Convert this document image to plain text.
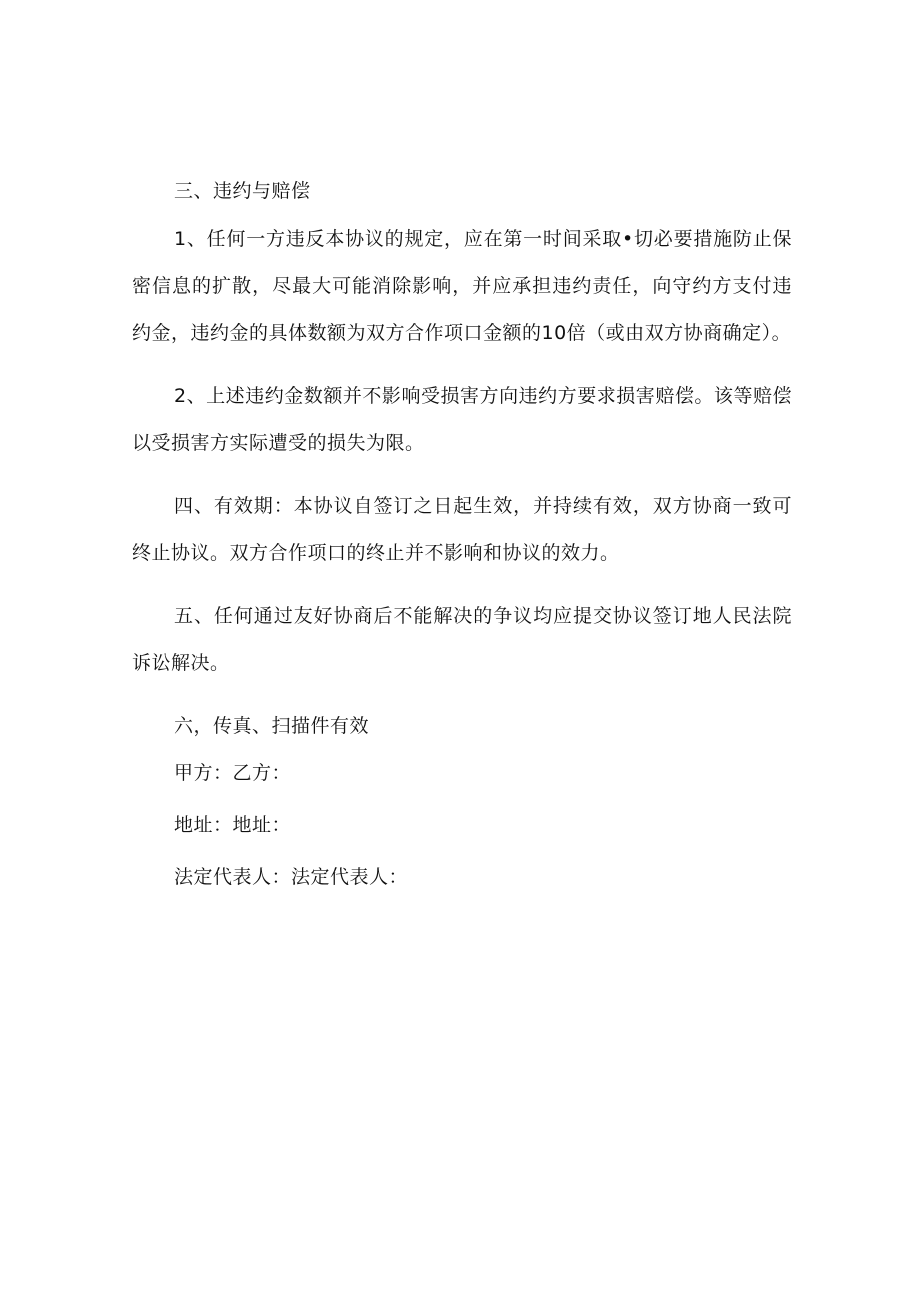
三、违约与赔偿

1、任何一方违反本协议的规定，应在第一时间采取•切必要措施防止保密信息的扩散，尽最大可能消除影响，并应承担违约责任，向守约方支付违约金，违约金的具体数额为双方合作项口金额的10倍（或由双方协商确定）。

2、上述违约金数额并不影响受损害方向违约方要求损害赔偿。该等赔偿以受损害方实际遭受的损失为限。

四、有效期：本协议自签订之日起生效，并持续有效，双方协商一致可终止协议。双方合作项口的终止并不影响和协议的效力。

五、任何通过友好协商后不能解决的争议均应提交协议签订地人民法院诉讼解决。

六，传真、扫描件有效

甲方：乙方：

地址：地址：

法定代表人：法定代表人：
